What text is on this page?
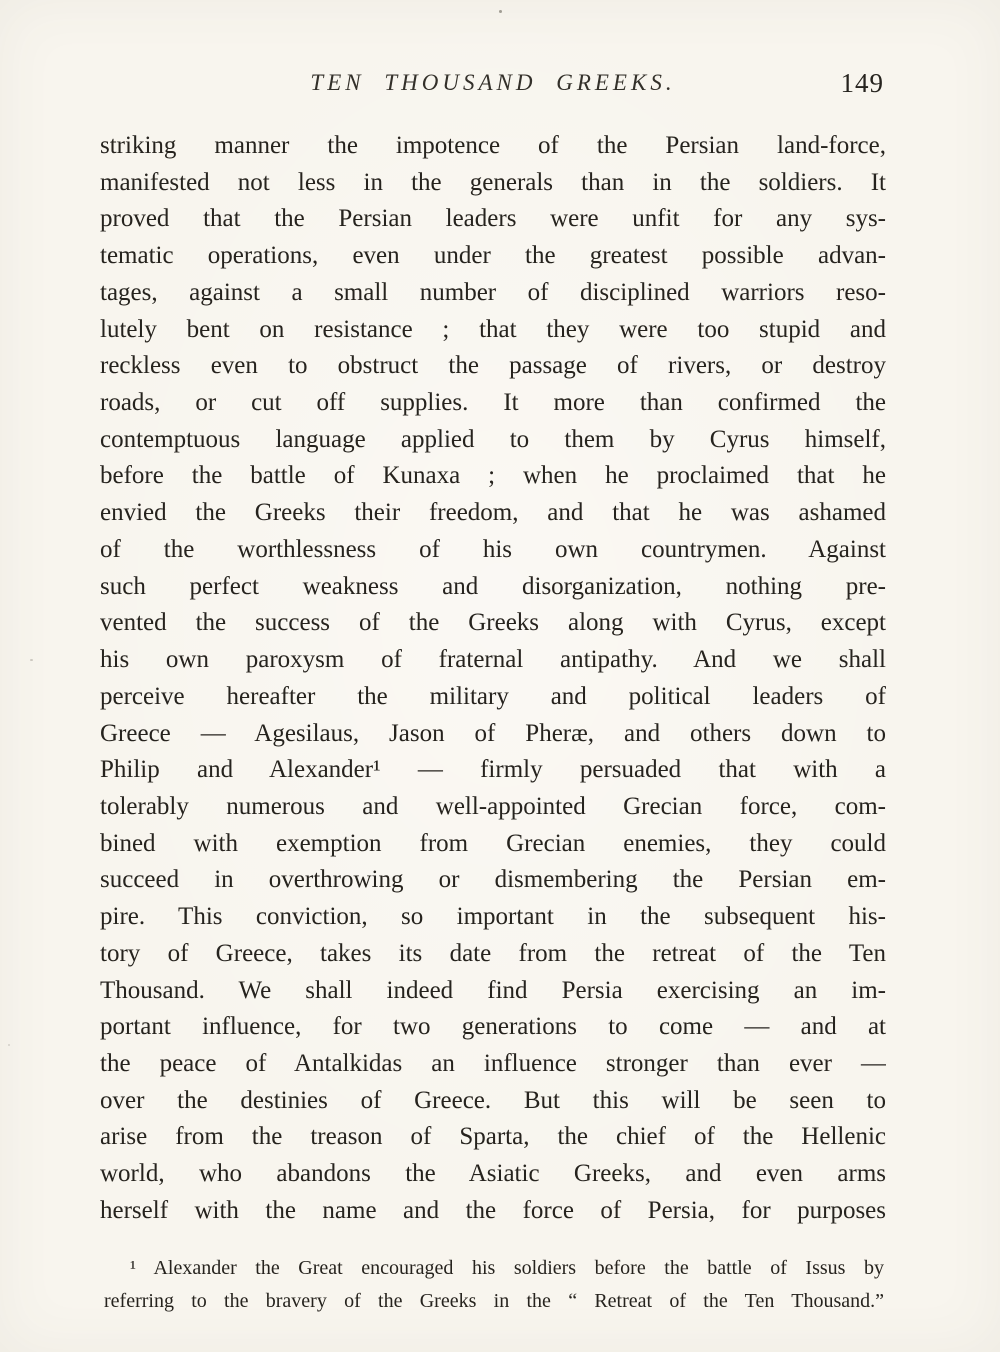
TEN THOUSAND GREEKS.	149
striking manner the impotence of the Persian land-force,
manifested not less in the generals than in the soldiers. It
proved that the Persian leaders were unfit for any sys-
tematic operations, even under the greatest possible advan-
tages, against a small number of disciplined warriors reso-
lutely bent on resistance ; that they were too stupid and
reckless even to obstruct the passage of rivers, or destroy
roads, or cut off supplies. It more than confirmed the
contemptuous language applied to them by Cyrus himself,
before the battle of Kunaxa ; when he proclaimed that he
envied the Greeks their freedom, and that he was ashamed
of the worthlessness of his own countrymen. Against
such perfect weakness and disorganization, nothing pre-
vented the success of the Greeks along with Cyrus, except
his own paroxysm of fraternal antipathy. And we shall
perceive hereafter the military and political leaders of
Greece — Agesilaus, Jason of Pheræ, and others down to
Philip and Alexander¹ — firmly persuaded that with a
tolerably numerous and well-appointed Grecian force, com-
bined with exemption from Grecian enemies, they could
succeed in overthrowing or dismembering the Persian em-
pire. This conviction, so important in the subsequent his-
tory of Greece, takes its date from the retreat of the Ten
Thousand. We shall indeed find Persia exercising an im-
portant influence, for two generations to come — and at
the peace of Antalkidas an influence stronger than ever —
over the destinies of Greece. But this will be seen to
arise from the treason of Sparta, the chief of the Hellenic
world, who abandons the Asiatic Greeks, and even arms
herself with the name and the force of Persia, for purposes
¹ Alexander the Great encouraged his soldiers before the battle of Issus by
referring to the bravery of the Greeks in the “ Retreat of the Ten Thousand.”
